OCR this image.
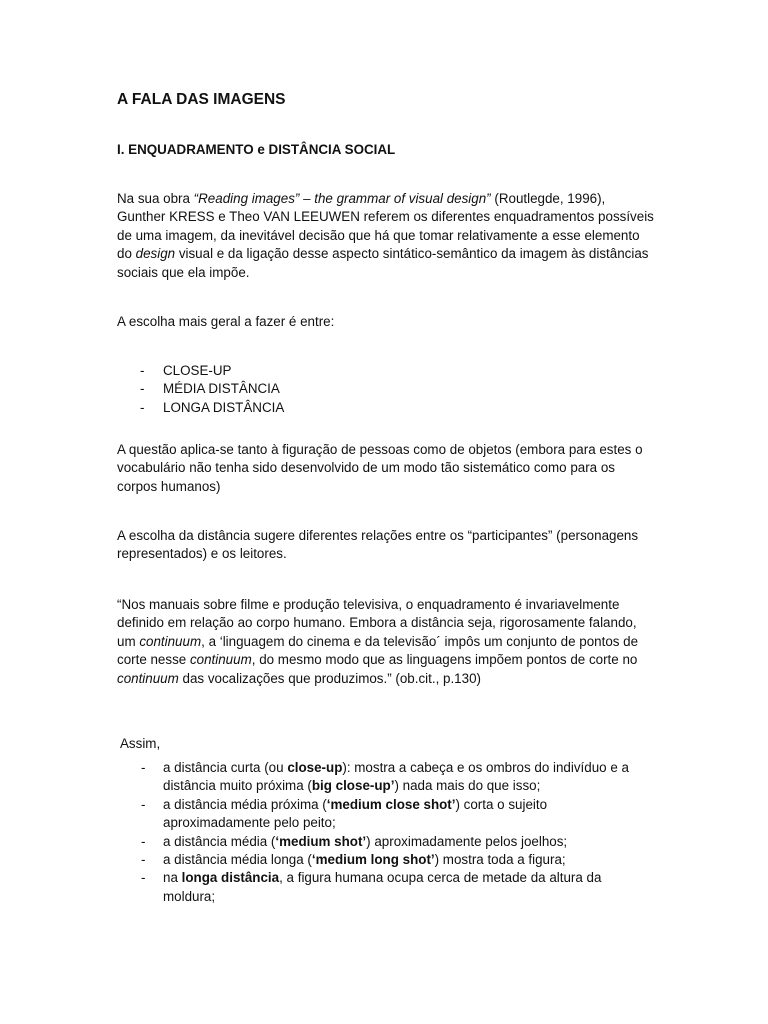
A FALA DAS IMAGENS
I. ENQUADRAMENTO e DISTÂNCIA SOCIAL

Na sua obra “Reading images” – the grammar of visual design” (Routlegde, 1996), Gunther KRESS e Theo VAN LEEUWEN referem os diferentes enquadramentos possíveis de uma imagem, da inevitável decisão que há que tomar relativamente a esse elemento do design visual e da ligação desse aspecto sintático-semântico da imagem às distâncias sociais que ela impõe.

A escolha mais geral a fazer é entre:

- CLOSE-UP
- MÉDIA DISTÂNCIA
- LONGA DISTÂNCIA

A questão aplica-se tanto à figuração de pessoas como de objetos (embora para estes o vocabulário não tenha sido desenvolvido de um modo tão sistemático como para os corpos humanos)

A escolha da distância sugere diferentes relações entre os “participantes” (personagens representados) e os leitores.

“Nos manuais sobre filme e produção televisiva, o enquadramento é invariavelmente definido em relação ao corpo humano. Embora a distância seja, rigorosamente falando, um continuum, a ‘linguagem do cinema e da televisão´ impôs um conjunto de pontos de corte nesse continuum, do mesmo modo que as linguagens impõem pontos de corte no continuum das vocalizações que produzimos.” (ob.cit., p.130)

Assim,

- a distância curta (ou close-up): mostra a cabeça e os ombros do indivíduo e a distância muito próxima (big close-up’) nada mais do que isso;
- a distância média próxima (‘medium close shot’) corta o sujeito aproximadamente pelo peito;
- a distância média (‘medium shot’) aproximadamente pelos joelhos;
- a distância média longa (‘medium long shot’) mostra toda a figura;
- na longa distância, a figura humana ocupa cerca de metade da altura da moldura;
